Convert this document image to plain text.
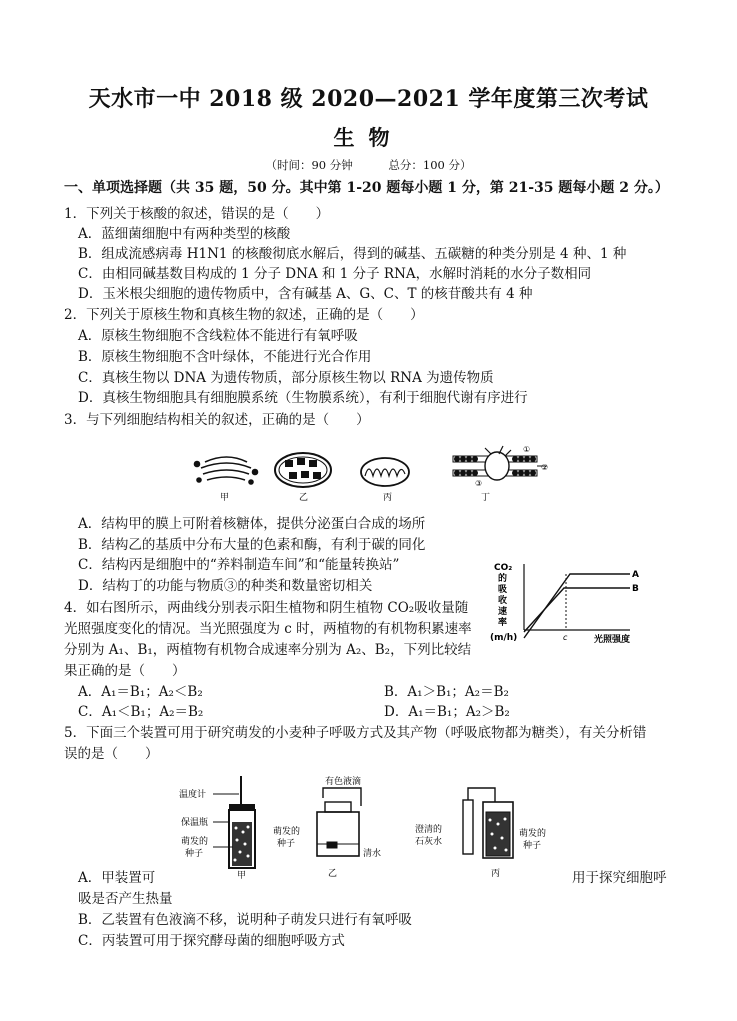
天水市一中 2018 级 2020—2021 学年度第三次考试
生物
（时间：90 分钟	总分：100 分）
一、单项选择题（共 35 题，50 分。其中第 1-20 题每小题 1 分，第 21-35 题每小题 2 分。）
1．下列关于核酸的叙述，错误的是（　　）
A．蓝细菌细胞中有两种类型的核酸
B．组成流感病毒 H1N1 的核酸彻底水解后，得到的碱基、五碳糖的种类分别是 4 种、1 种
C．由相同碱基数目构成的 1 分子 DNA 和 1 分子 RNA，水解时消耗的水分子数相同
D．玉米根尖细胞的遗传物质中，含有碱基 A、G、C、T 的核苷酸共有 4 种
2．下列关于原核生物和真核生物的叙述，正确的是（　　）
A．原核生物细胞不含线粒体不能进行有氧呼吸
B．原核生物细胞不含叶绿体，不能进行光合作用
C．真核生物以 DNA 为遗传物质，部分原核生物以 RNA 为遗传物质
D．真核生物细胞具有细胞膜系统（生物膜系统），有利于细胞代谢有序进行
3．与下列细胞结构相关的叙述，正确的是（　　）
甲	乙	丙
①
②
③
丁
A．结构甲的膜上可附着核糖体，提供分泌蛋白合成的场所
B．结构乙的基质中分布大量的色素和酶，有利于碳的同化
C．结构丙是细胞中的“养料制造车间”和“能量转换站”
D．结构丁的功能与物质③的种类和数量密切相关
CO₂
的
吸
收
速
率
(m/h)
A
B
c	光照强度
4．如右图所示，两曲线分别表示阳生植物和阴生植物 CO₂吸收量随
光照强度变化的情况。当光照强度为 c 时，两植物的有机物积累速率
分别为 A₁、B₁，两植物有机物合成速率分别为 A₂、B₂，下列比较结
果正确的是（　　）
A．A₁＝B₁；A₂＜B₂	B．A₁＞B₁；A₂＝B₂
C．A₁＜B₁；A₂＝B₂	D．A₁＝B₁；A₂＞B₂
5．下面三个装置可用于研究萌发的小麦种子呼吸方式及其产物（呼吸底物都为糖类），有关分析错
误的是（　　）
温度计
保温瓶
萌发的
种子
甲
有色液滴
萌发的
种子
清水
乙
澄清的
石灰水
萌发的
种子
丙
A．甲装置可	用于探究细胞呼
吸是否产生热量
B．乙装置有色液滴不移，说明种子萌发只进行有氧呼吸
C．丙装置可用于探究酵母菌的细胞呼吸方式
